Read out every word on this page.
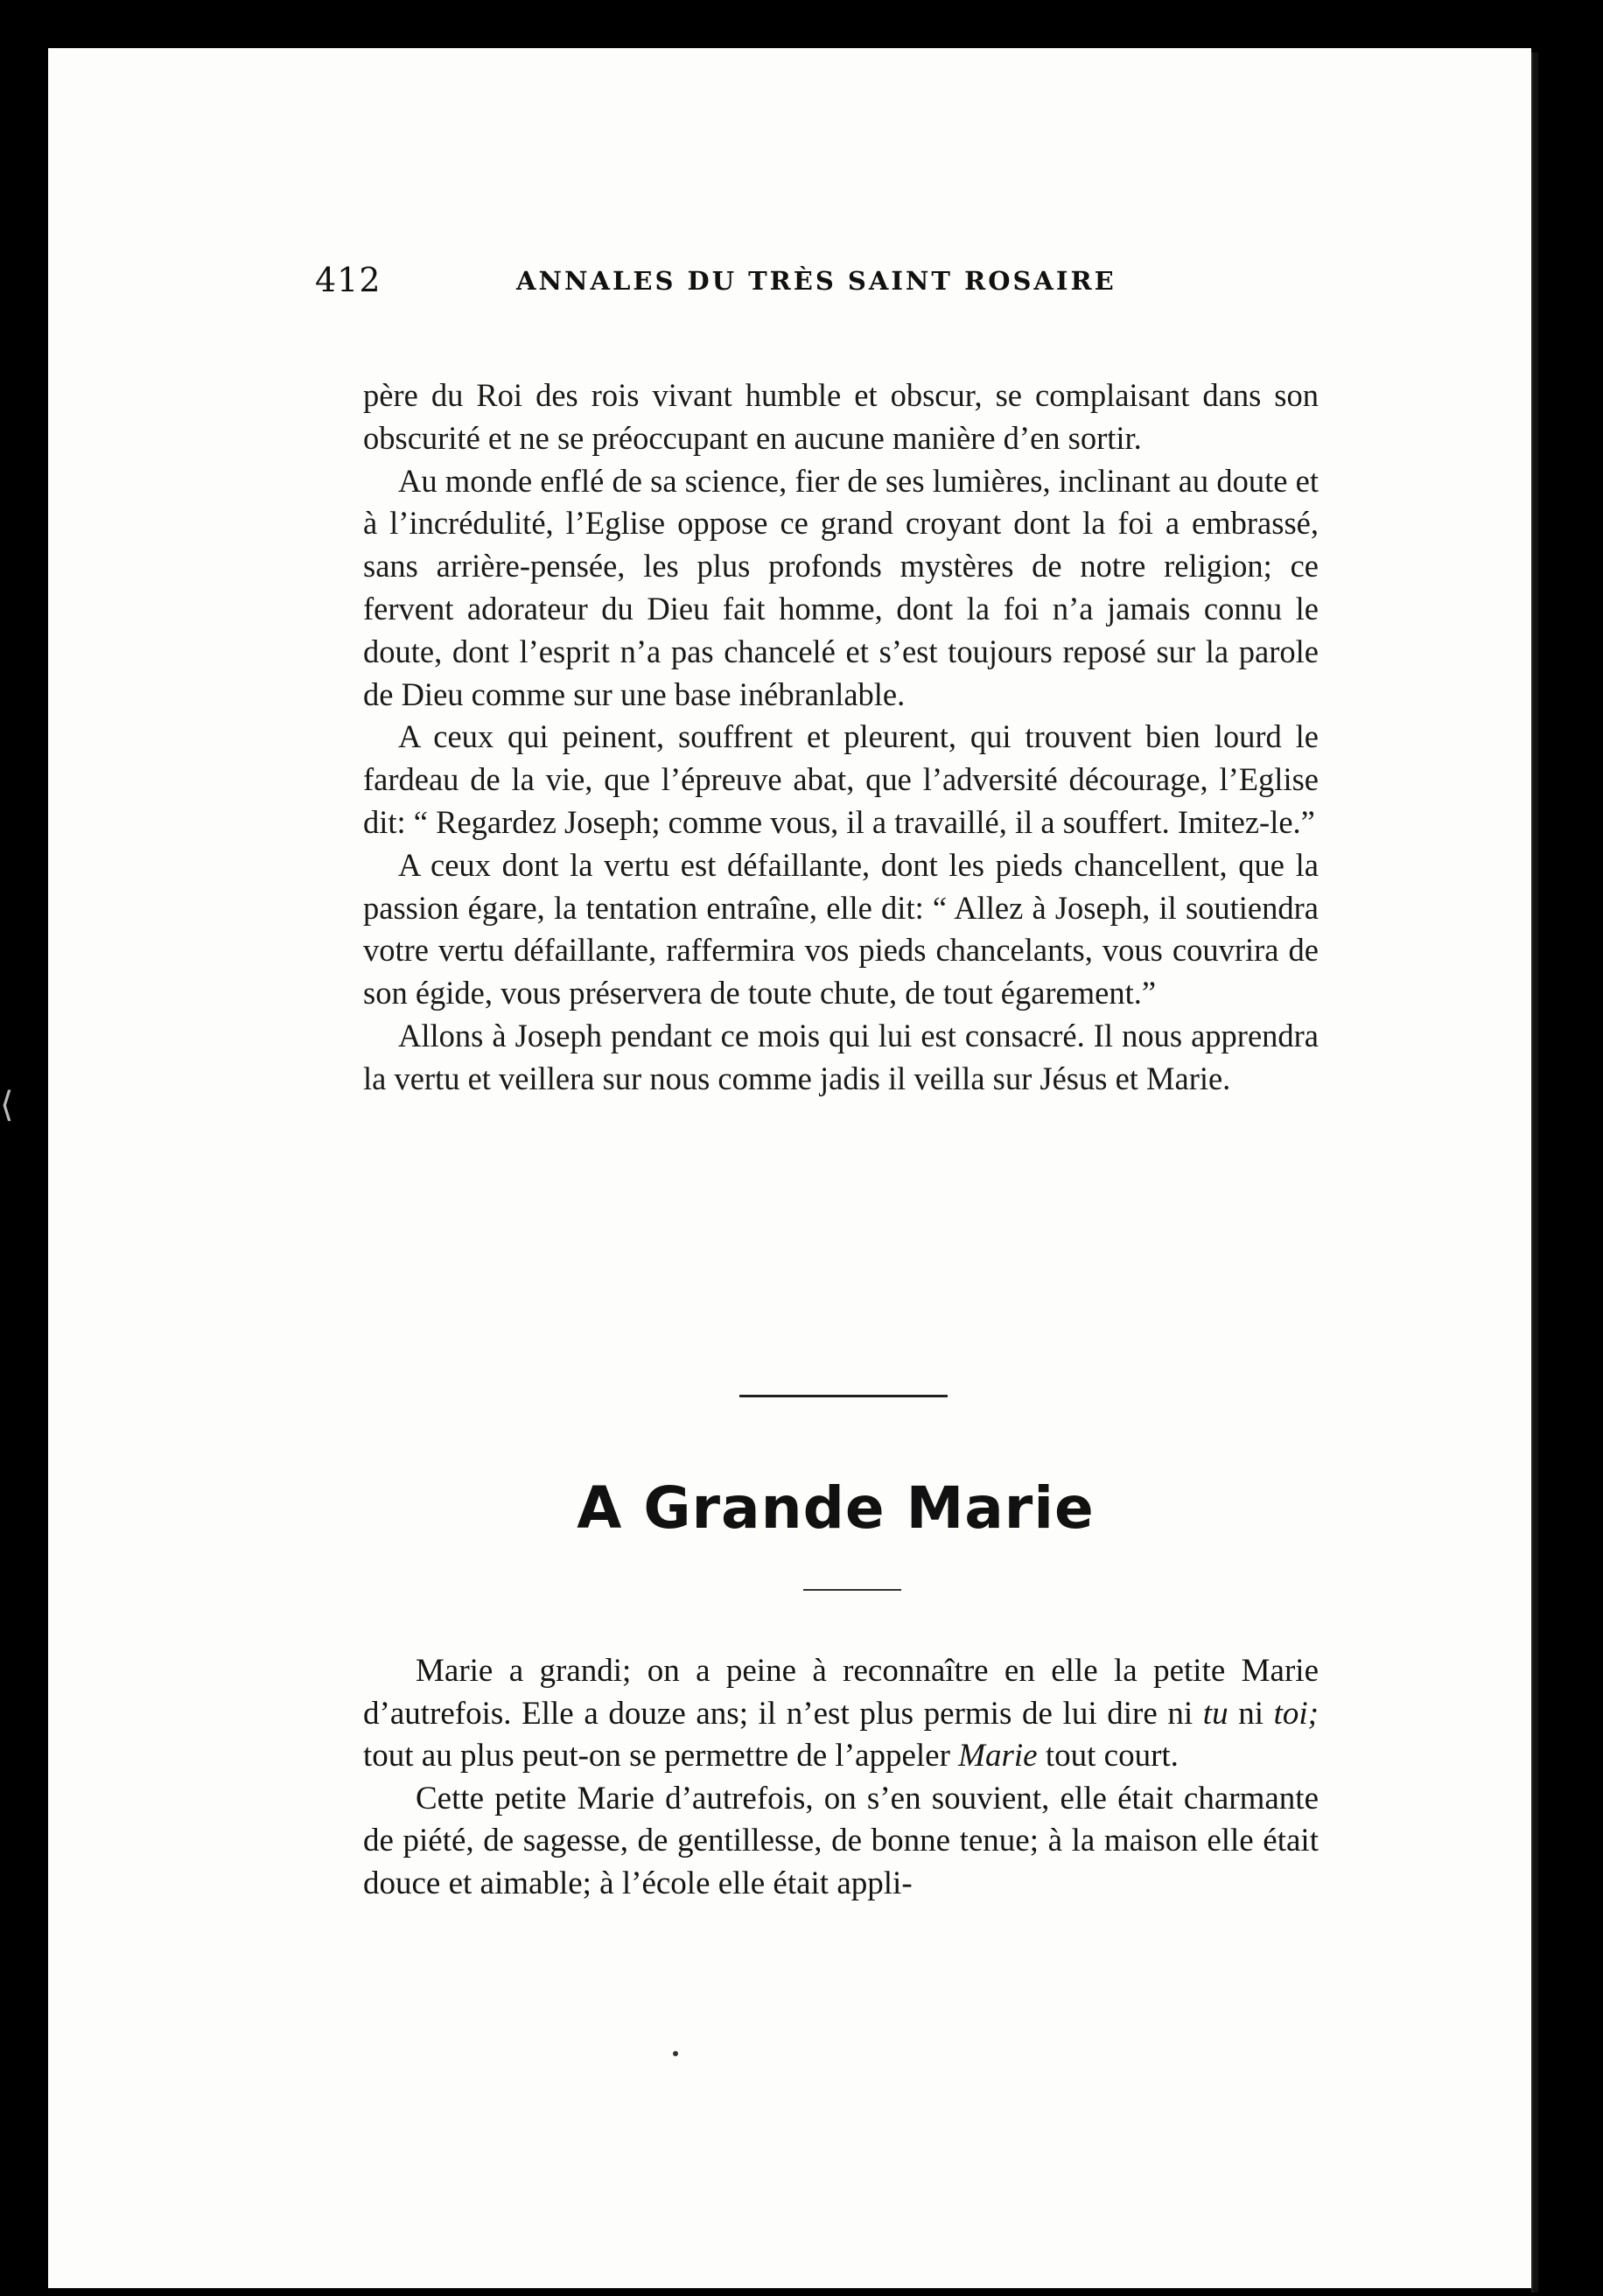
⟨
412	ANNALES DU TRÈS SAINT ROSAIRE

père du Roi des rois vivant humble et obscur, se complaisant dans son obscurité et ne se préoccupant en aucune manière d’en sortir.

Au monde enflé de sa science, fier de ses lumières, inclinant au doute et à l’incrédulité, l’Eglise oppose ce grand croyant dont la foi a embrassé, sans arrière-pensée, les plus profonds mystères de notre religion; ce fervent adorateur du Dieu fait homme, dont la foi n’a jamais connu le doute, dont l’esprit n’a pas chancelé et s’est toujours reposé sur la parole de Dieu comme sur une base inébranlable.

A ceux qui peinent, souffrent et pleurent, qui trouvent bien lourd le fardeau de la vie, que l’épreuve abat, que l’adversité décourage, l’Eglise dit: “ Regardez Joseph; comme vous, il a travaillé, il a souffert. Imitez-le.”

A ceux dont la vertu est défaillante, dont les pieds chancellent, que la passion égare, la tentation entraîne, elle dit: “ Allez à Joseph, il soutiendra votre vertu défaillante, raffermira vos pieds chancelants, vous couvrira de son égide, vous préservera de toute chute, de tout égarement.”

Allons à Joseph pendant ce mois qui lui est consacré. Il nous apprendra la vertu et veillera sur nous comme jadis il veilla sur Jésus et Marie.

A Grande Marie

Marie a grandi; on a peine à reconnaître en elle la petite Marie d’autrefois. Elle a douze ans; il n’est plus permis de lui dire ni tu ni toi; tout au plus peut-on se permettre de l’appeler Marie tout court.

Cette petite Marie d’autrefois, on s’en souvient, elle était charmante de piété, de sagesse, de gentillesse, de bonne tenue; à la maison elle était douce et aimable; à l’école elle était appli-
